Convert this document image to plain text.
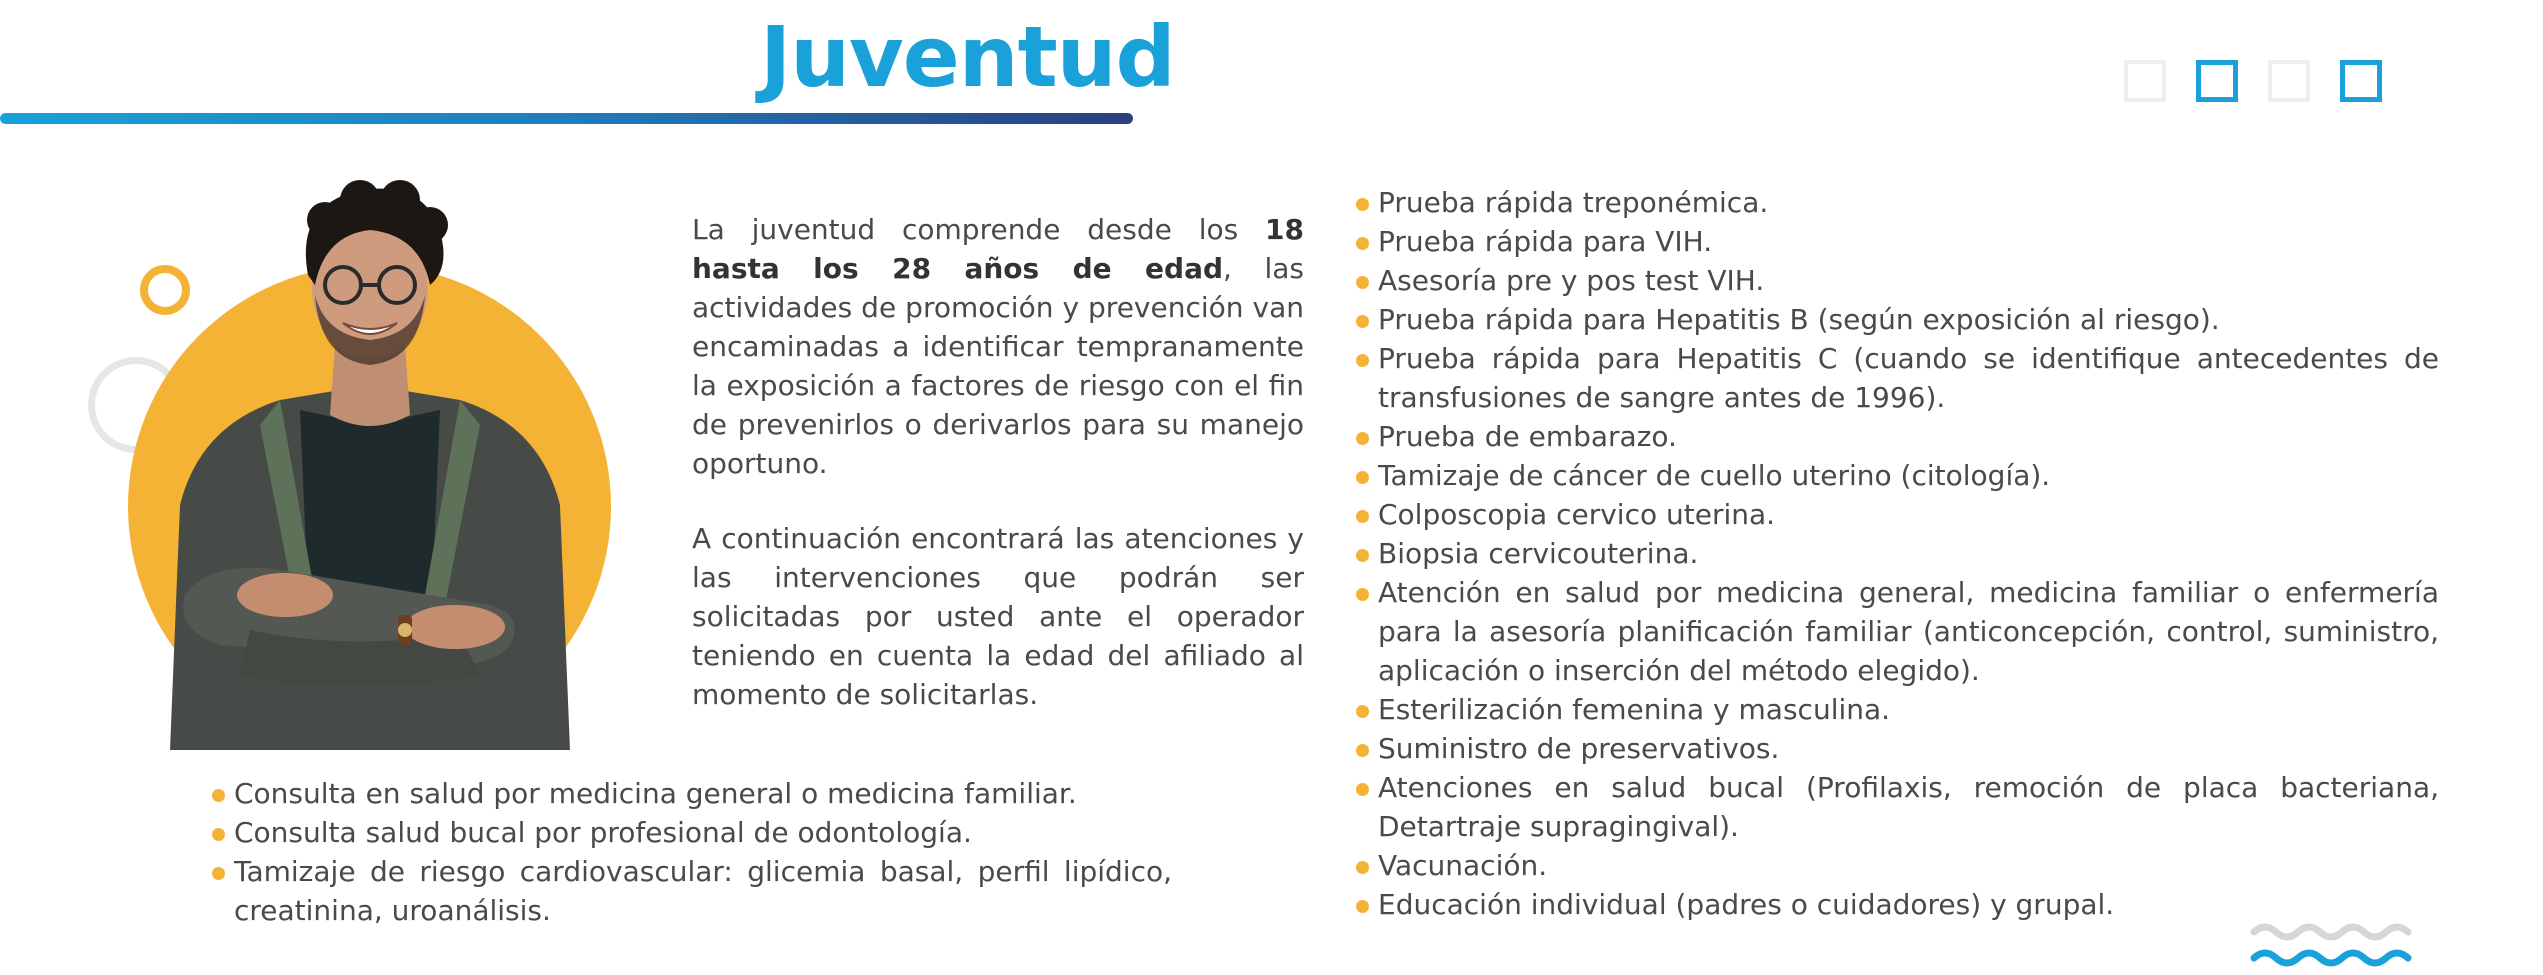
Juventud

La juventud comprende desde los 18 hasta los 28 años de edad, las actividades de promoción y prevención van encaminadas a identificar tempranamente la exposición a factores de riesgo con el fin de prevenirlos o derivarlos para su manejo oportuno.

A continuación encontrará las atenciones y las intervenciones que podrán ser solicitadas por usted ante el operador teniendo en cuenta la edad del afiliado al momento de solicitarlas.

Consulta en salud por medicina general o medicina familiar.
Consulta salud bucal por profesional de odontología.
Tamizaje de riesgo cardiovascular: glicemia basal, perfil lipídico, creatinina, uroanálisis.
Prueba rápida treponémica.
Prueba rápida para VIH.
Asesoría pre y pos test VIH.
Prueba rápida para Hepatitis B (según exposición al riesgo).
Prueba rápida para Hepatitis C (cuando se identifique antecedentes de transfusiones de sangre antes de 1996).
Prueba de embarazo.
Tamizaje de cáncer de cuello uterino (citología).
Colposcopia cervico uterina.
Biopsia cervicouterina.
Atención en salud por medicina general, medicina familiar o enfermería para la asesoría planificación familiar (anticoncepción, control, suministro, aplicación o inserción del método elegido).
Esterilización femenina y masculina.
Suministro de preservativos.
Atenciones en salud bucal (Profilaxis, remoción de placa bacteriana, Detartraje supragingival).
Vacunación.
Educación individual (padres o cuidadores) y grupal.
